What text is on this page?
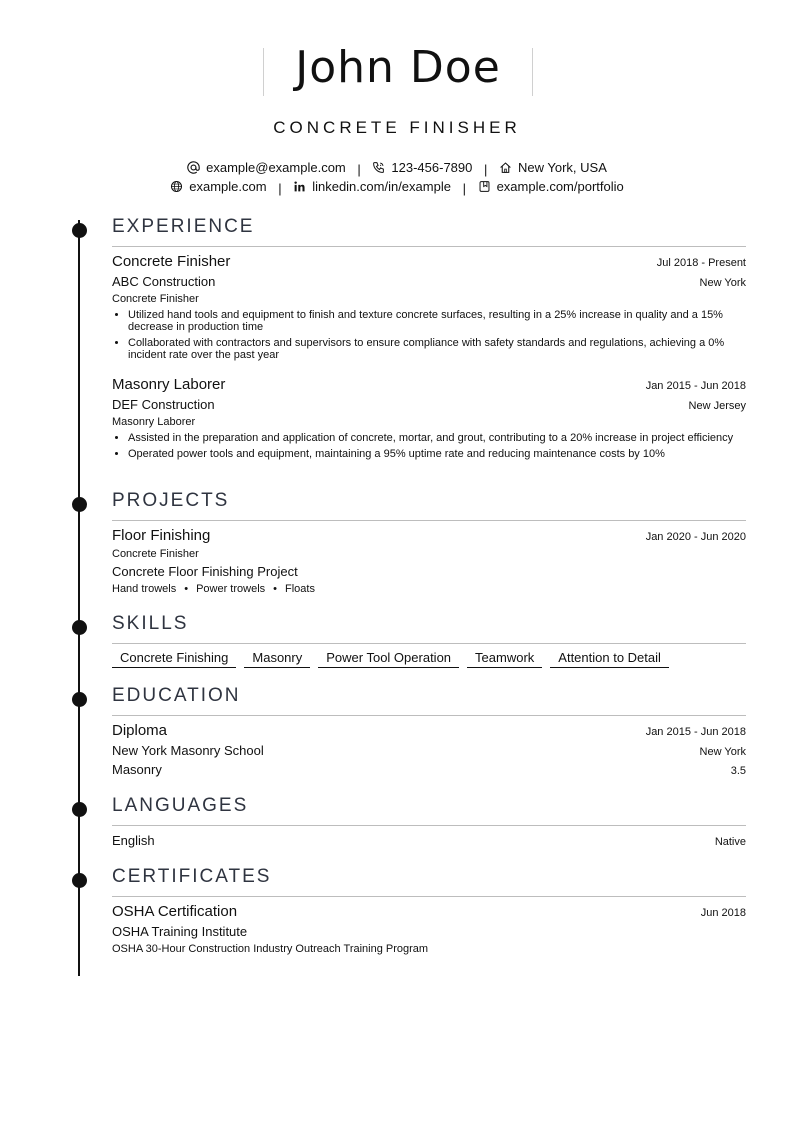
John Doe
CONCRETE FINISHER
example@example.com | 123-456-7890 | New York, USA
example.com | linkedin.com/in/example | example.com/portfolio
EXPERIENCE
Concrete Finisher	Jul 2018 - Present
ABC Construction	New York
Concrete Finisher
• Utilized hand tools and equipment to finish and texture concrete surfaces, resulting in a 25% increase in quality and a 15% decrease in production time
• Collaborated with contractors and supervisors to ensure compliance with safety standards and regulations, achieving a 0% incident rate over the past year
Masonry Laborer	Jan 2015 - Jun 2018
DEF Construction	New Jersey
Masonry Laborer
• Assisted in the preparation and application of concrete, mortar, and grout, contributing to a 20% increase in project efficiency
• Operated power tools and equipment, maintaining a 95% uptime rate and reducing maintenance costs by 10%
PROJECTS
Floor Finishing	Jan 2020 - Jun 2020
Concrete Finisher
Concrete Floor Finishing Project
Hand trowels • Power trowels • Floats
SKILLS
Concrete Finishing	Masonry	Power Tool Operation	Teamwork	Attention to Detail
EDUCATION
Diploma	Jan 2015 - Jun 2018
New York Masonry School	New York
Masonry	3.5
LANGUAGES
English	Native
CERTIFICATES
OSHA Certification	Jun 2018
OSHA Training Institute
OSHA 30-Hour Construction Industry Outreach Training Program
